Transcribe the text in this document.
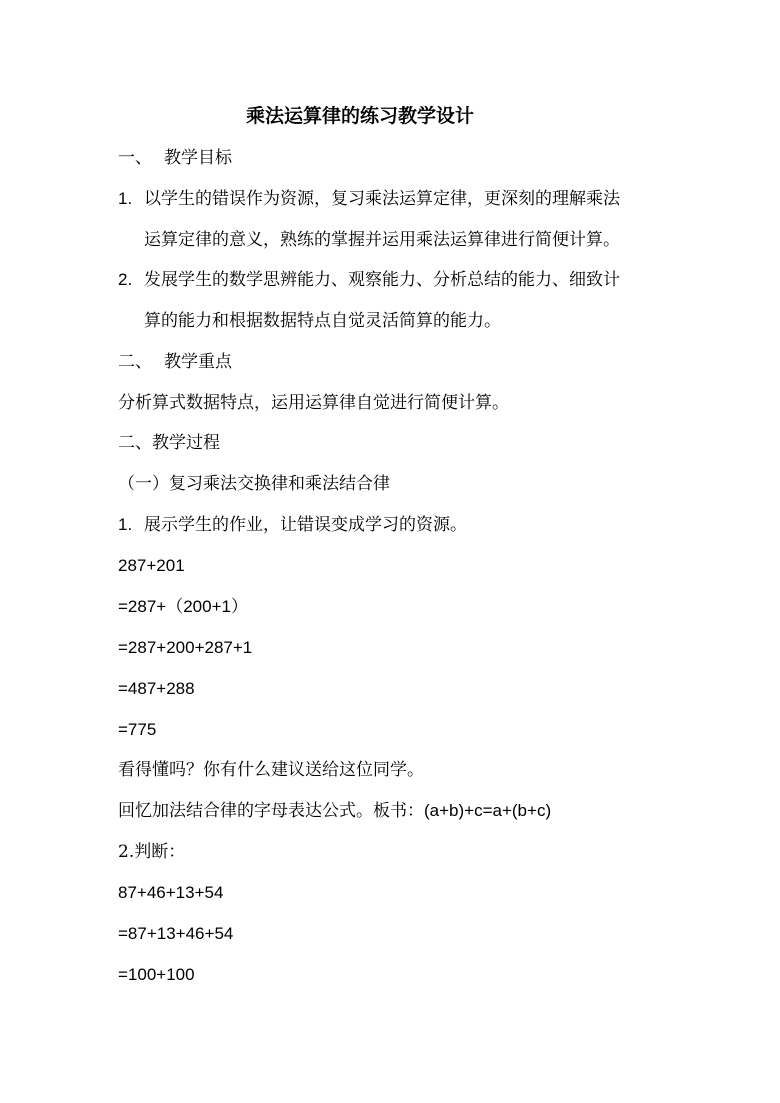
乘法运算律的练习教学设计
一、 教学目标
1. 以学生的错误作为资源，复习乘法运算定律，更深刻的理解乘法
运算定律的意义，熟练的掌握并运用乘法运算律进行简便计算。
2. 发展学生的数学思辨能力、观察能力、分析总结的能力、细致计
算的能力和根据数据特点自觉灵活简算的能力。
二、 教学重点
分析算式数据特点，运用运算律自觉进行简便计算。
二、教学过程
（一）复习乘法交换律和乘法结合律
1. 展示学生的作业，让错误变成学习的资源。
287+201
=287+（200+1）
=287+200+287+1
=487+288
=775
看得懂吗？你有什么建议送给这位同学。
回忆加法结合律的字母表达公式。板书：(a+b)+c=a+(b+c)
2.判断：
87+46+13+54
=87+13+46+54
=100+100
